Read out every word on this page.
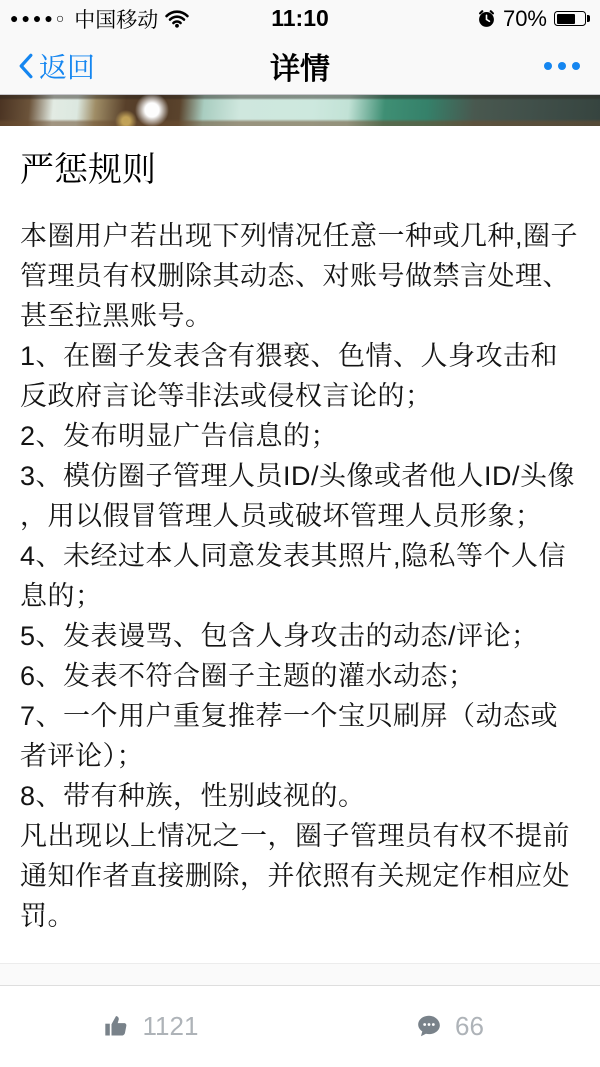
●●●●○ 中国移动	11:10	70%
返回	详情
严惩规则
本圈用户若出现下列情况任意一种或几种,圈子
管理员有权删除其动态、对账号做禁言处理、
甚至拉黑账号。
1、在圈子发表含有猥亵、色情、人身攻击和
反政府言论等非法或侵权言论的；
2、发布明显广告信息的；
3、模仿圈子管理人员ID/头像或者他人ID/头像
，用以假冒管理人员或破坏管理人员形象；
4、未经过本人同意发表其照片,隐私等个人信
息的；
5、发表谩骂、包含人身攻击的动态/评论；
6、发表不符合圈子主题的灌水动态；
7、一个用户重复推荐一个宝贝刷屏（动态或
者评论）；
8、带有种族，性别歧视的。
凡出现以上情况之一，圈子管理员有权不提前
通知作者直接删除，并依照有关规定作相应处
罚。
1121	66
